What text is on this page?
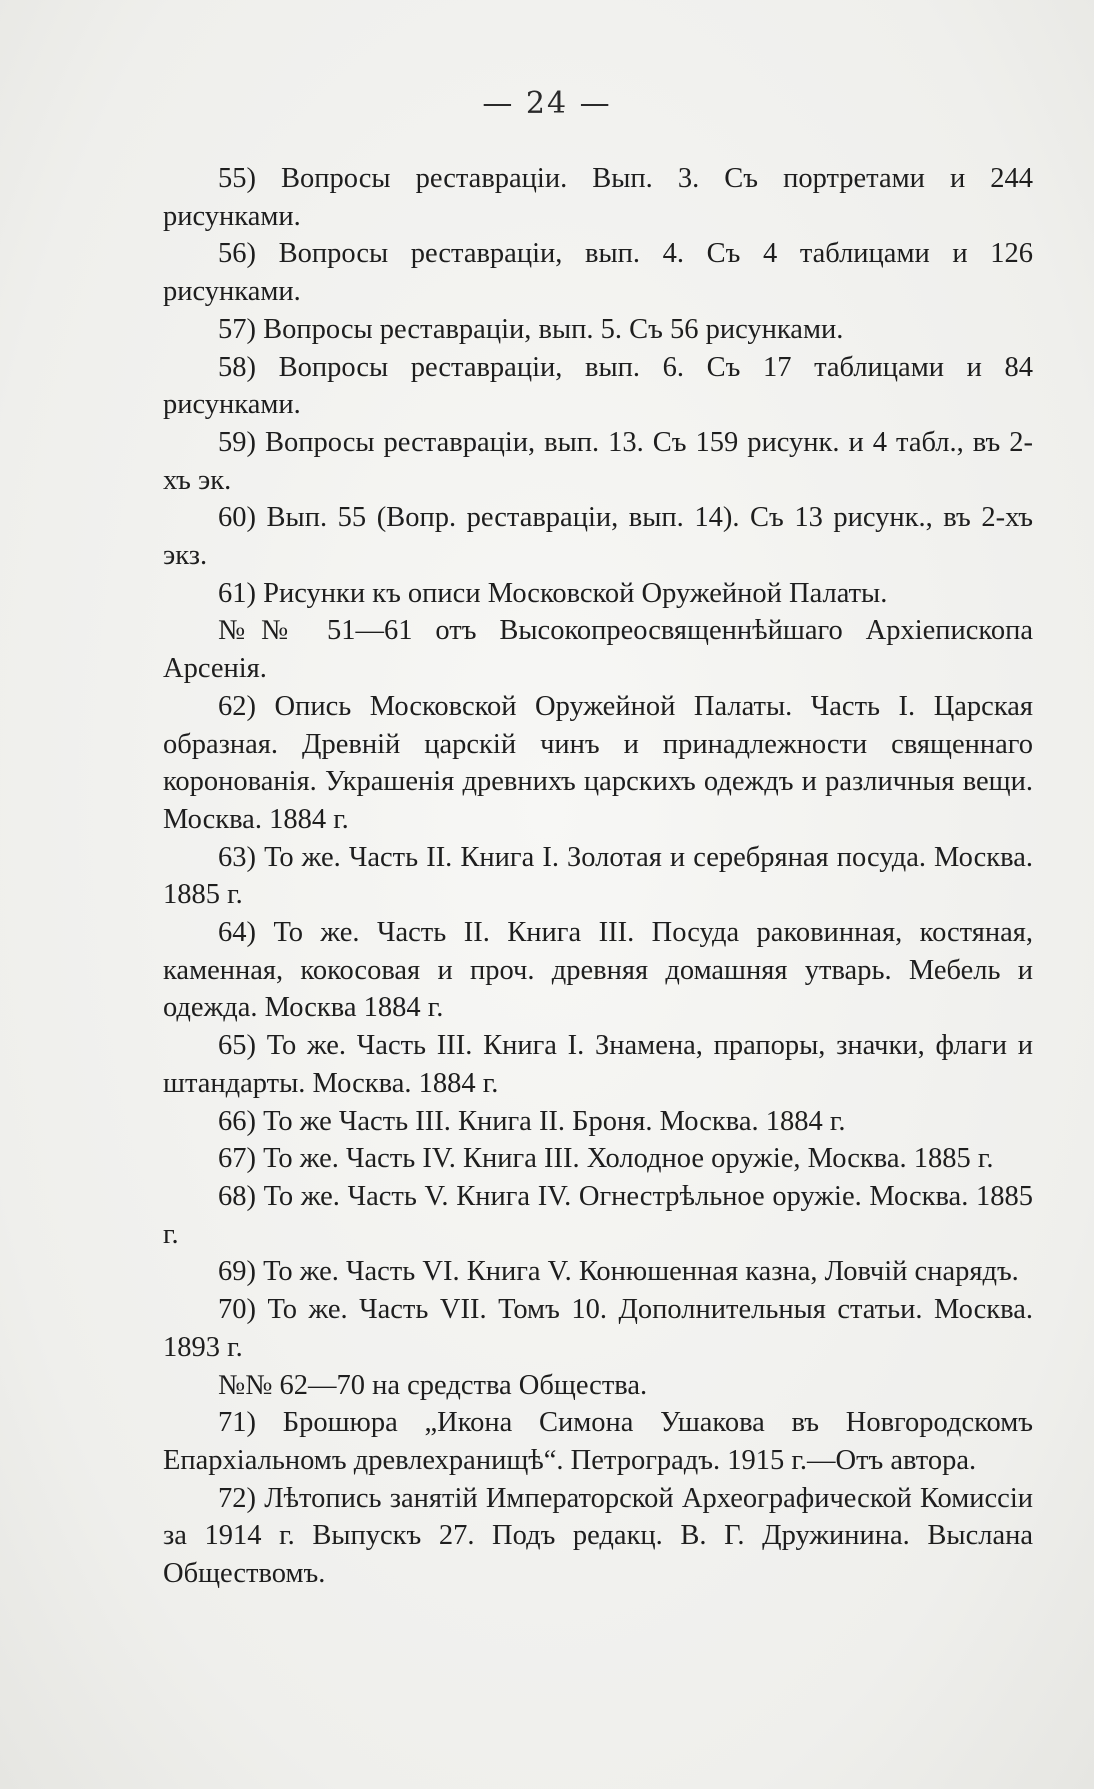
— 24 —

55) Вопросы реставраціи. Вып. 3. Съ портретами и 244 рисунками.

56) Вопросы реставраціи, вып. 4. Съ 4 таблицами и 126 рисунками.

57) Вопросы реставраціи, вып. 5. Съ 56 рисунками.

58) Вопросы реставраціи, вып. 6. Съ 17 таблицами и 84 рисунками.

59) Вопросы реставраціи, вып. 13. Съ 159 рисунк. и 4 табл., въ 2-хъ эк.

60) Вып. 55 (Вопр. реставраціи, вып. 14). Съ 13 рисунк., въ 2-хъ экз.

61) Рисунки къ описи Московской Оружейной Палаты.

№№ 51—61 отъ Высокопреосвященнѣйшаго Архіепископа Арсенія.

62) Опись Московской Оружейной Палаты. Часть I. Царская образная. Древній царскій чинъ и принадлежности священнаго коронованія. Украшенія древнихъ царскихъ одеждъ и различныя вещи. Москва. 1884 г.

63) То же. Часть II. Книга I. Золотая и серебряная посуда. Москва. 1885 г.

64) То же. Часть II. Книга III. Посуда раковинная, костяная, каменная, кокосовая и проч. древняя домашняя утварь. Мебель и одежда. Москва 1884 г.

65) То же. Часть III. Книга I. Знамена, прапоры, значки, флаги и штандарты. Москва. 1884 г.

66) То же Часть III. Книга II. Броня. Москва. 1884 г.

67) То же. Часть IV. Книга III. Холодное оружіе, Москва. 1885 г.

68) То же. Часть V. Книга IV. Огнестрѣльное оружіе. Москва. 1885 г.

69) То же. Часть VI. Книга V. Конюшенная казна, Ловчій снарядъ.

70) То же. Часть VII. Томъ 10. Дополнительныя статьи. Москва. 1893 г.

№№ 62—70 на средства Общества.

71) Брошюра „Икона Симона Ушакова въ Новгородскомъ Епархіальномъ древлехранищѣ“. Петроградъ. 1915 г.—Отъ автора.

72) Лѣтопись занятій Императорской Археографической Комиссіи за 1914 г. Выпускъ 27. Подъ редакц. В. Г. Дружинина. Выслана Обществомъ.
